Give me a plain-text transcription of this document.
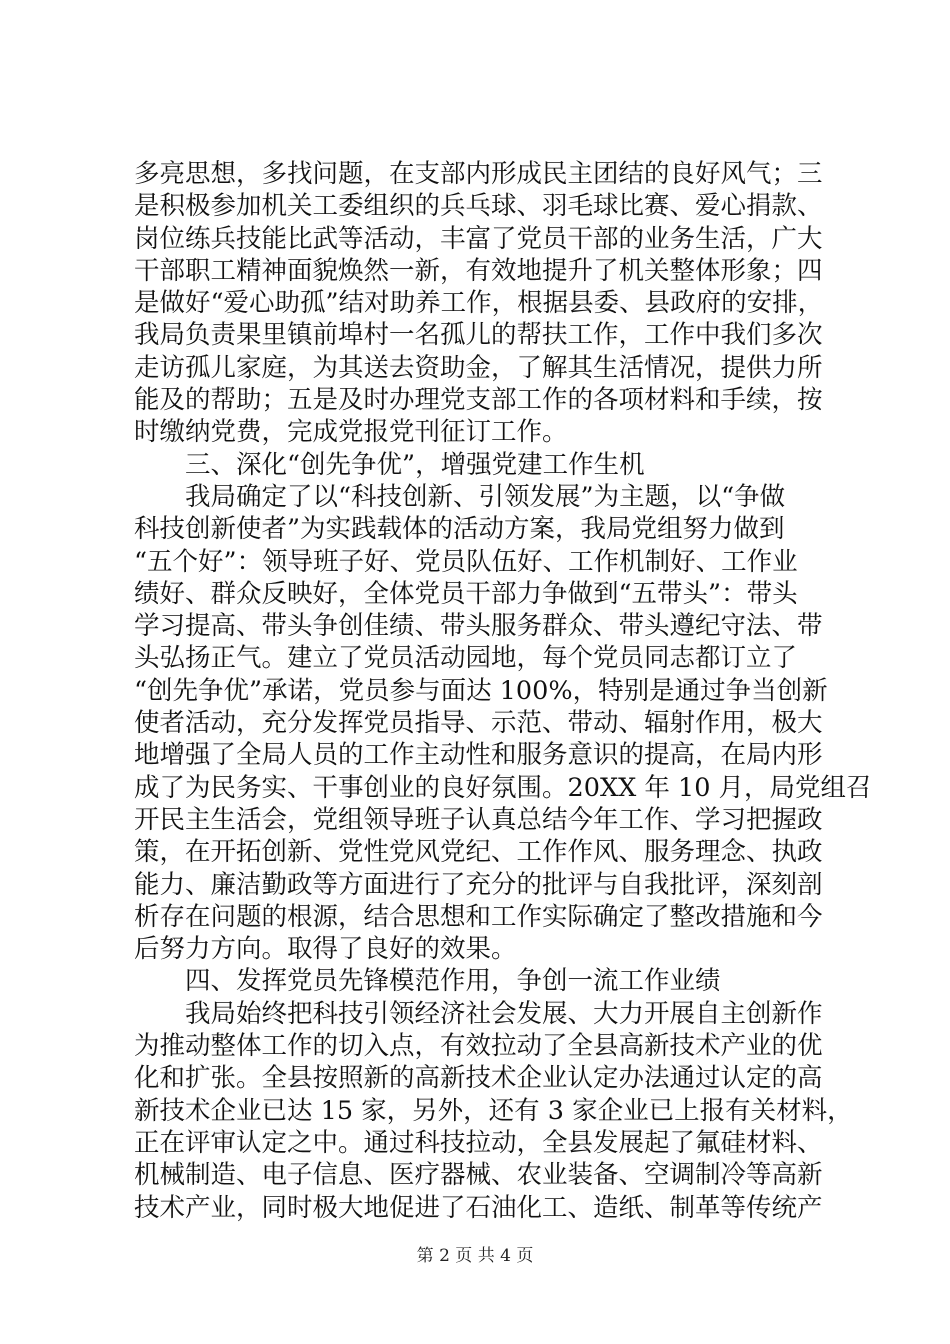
多亮思想，多找问题，在支部内形成民主团结的良好风气；三
是积极参加机关工委组织的兵乓球、羽毛球比赛、爱心捐款、
岗位练兵技能比武等活动，丰富了党员干部的业务生活，广大
干部职工精神面貌焕然一新，有效地提升了机关整体形象；四
是做好“爱心助孤”结对助养工作，根据县委、县政府的安排，
我局负责果里镇前埠村一名孤儿的帮扶工作，工作中我们多次
走访孤儿家庭，为其送去资助金，了解其生活情况，提供力所
能及的帮助；五是及时办理党支部工作的各项材料和手续，按
时缴纳党费，完成党报党刊征订工作。
　　三、深化“创先争优”，增强党建工作生机
　　我局确定了以“科技创新、引领发展”为主题，以“争做
科技创新使者”为实践载体的活动方案，我局党组努力做到
“五个好”：领导班子好、党员队伍好、工作机制好、工作业
绩好、群众反映好，全体党员干部力争做到“五带头”：带头
学习提高、带头争创佳绩、带头服务群众、带头遵纪守法、带
头弘扬正气。建立了党员活动园地，每个党员同志都订立了
“创先争优”承诺，党员参与面达 100%，特别是通过争当创新
使者活动，充分发挥党员指导、示范、带动、辐射作用，极大
地增强了全局人员的工作主动性和服务意识的提高，在局内形
成了为民务实、干事创业的良好氛围。20XX 年 10 月，局党组召
开民主生活会，党组领导班子认真总结今年工作、学习把握政
策，在开拓创新、党性党风党纪、工作作风、服务理念、执政
能力、廉洁勤政等方面进行了充分的批评与自我批评，深刻剖
析存在问题的根源，结合思想和工作实际确定了整改措施和今
后努力方向。取得了良好的效果。
　　四、发挥党员先锋模范作用，争创一流工作业绩
　　我局始终把科技引领经济社会发展、大力开展自主创新作
为推动整体工作的切入点，有效拉动了全县高新技术产业的优
化和扩张。全县按照新的高新技术企业认定办法通过认定的高
新技术企业已达 15 家，另外，还有 3 家企业已上报有关材料，
正在评审认定之中。通过科技拉动，全县发展起了氟硅材料、
机械制造、电子信息、医疗器械、农业装备、空调制冷等高新
技术产业，同时极大地促进了石油化工、造纸、制革等传统产
第 2 页 共 4 页
